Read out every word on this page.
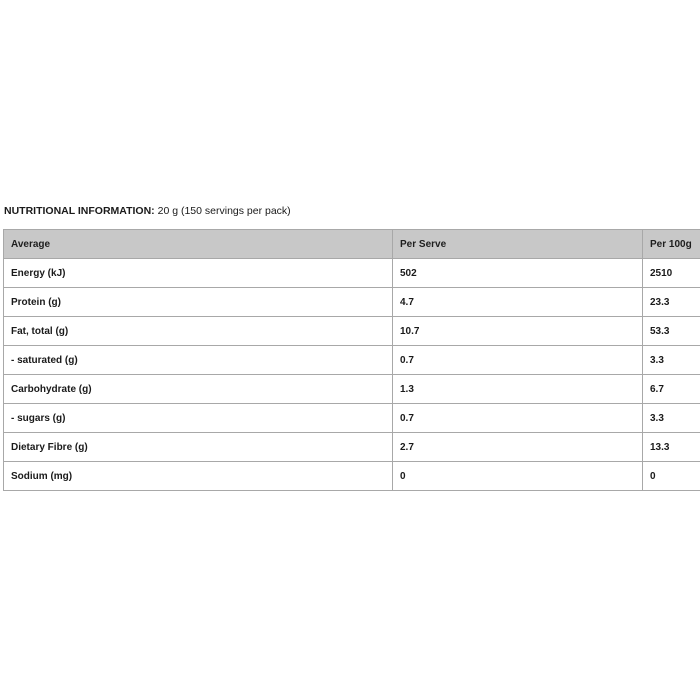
NUTRITIONAL INFORMATION: 20 g (150 servings per pack)
Average	Per Serve	Per 100g
Energy (kJ)	502	2510
Protein (g)	4.7	23.3
Fat, total (g)	10.7	53.3
- saturated (g)	0.7	3.3
Carbohydrate (g)	1.3	6.7
- sugars (g)	0.7	3.3
Dietary Fibre (g)	2.7	13.3
Sodium (mg)	0	0
